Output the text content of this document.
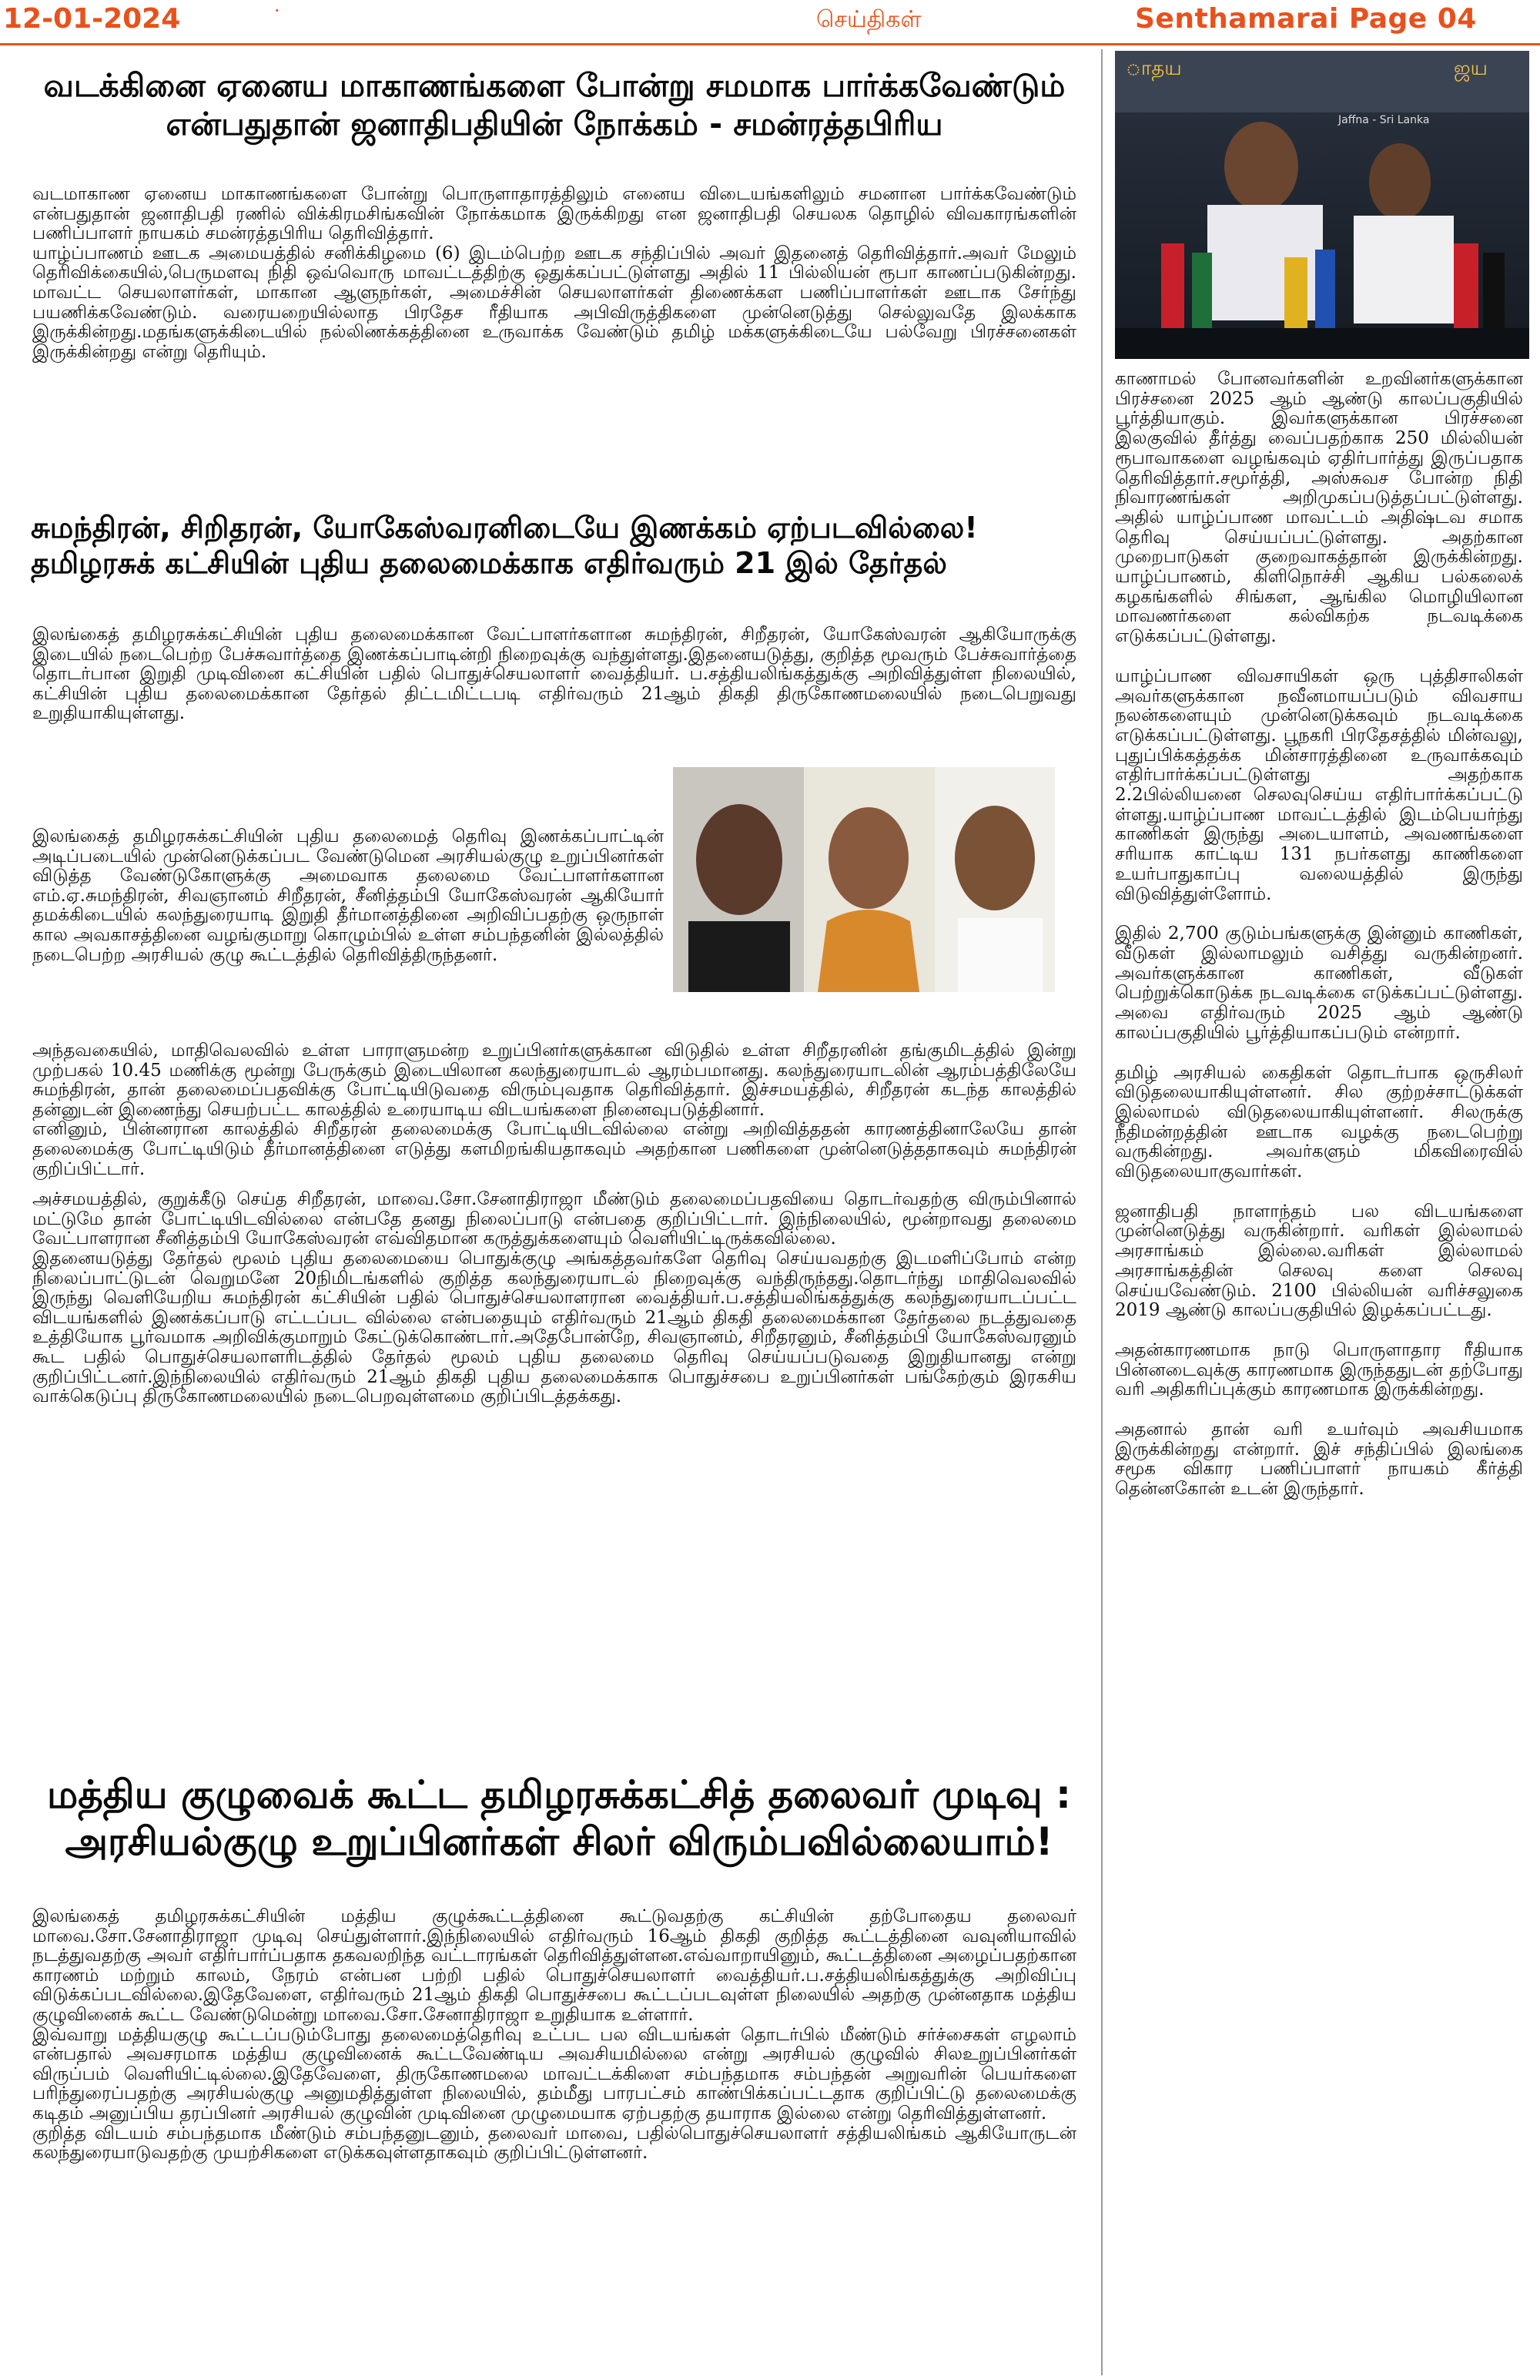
12-01-2024	·	செய்திகள்	Senthamarai Page 04
வடக்கினை ஏனைய மாகாணங்களை போன்று சமமாக பார்க்கவேண்டும்
என்பதுதான் ஜனாதிபதியின் நோக்கம் - சமன்ரத்தபிரிய

வடமாகாண ஏனைய மாகாணங்களை போன்று பொருளாதாரத்திலும் எனைய விடையங்களிலும் சமனான பார்க்கவேண்டும் என்பதுதான் ஜனாதிபதி ரணில் விக்கிரமசிங்கவின் நோக்கமாக இருக்கிறது என ஜனாதிபதி செயலக தொழில் விவகாரங்களின் பணிப்பாளர் நாயகம் சமன்ரத்தபிரிய தெரிவித்தார்.

யாழ்ப்பாணம் ஊடக அமையத்தில் சனிக்கிழமை (6) இடம்பெற்ற ஊடக சந்திப்பில் அவர் இதனைத் தெரிவித்தார்.அவர் மேலும் தெரிவிக்கையில்,பெருமளவு நிதி ஒவ்வொரு மாவட்டத்திற்கு ஒதுக்கப்பட்டுள்ளது அதில் 11 பில்லியன் ரூபா காணப்படுகின்றது. மாவட்ட செயலாளர்கள், மாகான ஆளுநர்கள், அமைச்சின் செயலாளர்கள் திணைக்கள பணிப்பாளர்கள் ஊடாக சேர்ந்து பயணிக்கவேண்டும். வரையறையில்லாத பிரதேச ரீதியாக அபிவிருத்திகளை முன்னெடுத்து செல்லுவதே இலக்காக இருக்கின்றது.மதங்களுக்கிடையில் நல்லிணக்கத்தினை உருவாக்க வேண்டும் தமிழ் மக்களுக்கிடையே பல்வேறு பிரச்சனைகள் இருக்கின்றது என்று தெரியும்.

சுமந்திரன், சிறிதரன், யோகேஸ்வரனிடையே இணக்கம் ஏற்படவில்லை!
தமிழரசுக் கட்சியின் புதிய தலைமைக்காக எதிர்வரும் 21 இல் தேர்தல்

இலங்கைத் தமிழரசுக்கட்சியின் புதிய தலைமைக்கான வேட்பாளர்களான சுமந்திரன், சிறீதரன், யோகேஸ்வரன் ஆகியோருக்கு இடையில் நடைபெற்ற பேச்சுவார்த்தை இணக்கப்பாடின்றி நிறைவுக்கு வந்துள்ளது.இதனையடுத்து, குறித்த மூவரும் பேச்சுவார்த்தை தொடர்பான இறுதி முடிவினை கட்சியின் பதில் பொதுச்செயலாளர் வைத்தியர். ப.சத்தியலிங்கத்துக்கு அறிவித்துள்ள நிலையில், கட்சியின் புதிய தலைமைக்கான தேர்தல் திட்டமிட்டபடி எதிர்வரும் 21ஆம் திகதி திருகோணமலையில் நடைபெறுவது உறுதியாகியுள்ளது.

இலங்கைத் தமிழரசுக்கட்சியின் புதிய தலைமைத் தெரிவு இணக்கப்பாட்டின் அடிப்படையில் முன்னெடுக்கப்பட வேண்டுமென அரசியல்குழு உறுப்பினர்கள் விடுத்த வேண்டுகோளுக்கு அமைவாக தலைமை வேட்பாளர்களான எம்.ஏ.சுமந்திரன், சிவஞானம் சிறீதரன், சீனித்தம்பி யோகேஸ்வரன் ஆகியோர் தமக்கிடையில் கலந்துரையாடி இறுதி தீர்மானத்தினை அறிவிப்பதற்கு ஒருநாள் கால அவகாசத்தினை வழங்குமாறு கொழும்பில் உள்ள சம்பந்தனின் இல்லத்தில் நடைபெற்ற அரசியல் குழு கூட்டத்தில் தெரிவித்திருந்தனர்.

அந்தவகையில், மாதிவெலவில் உள்ள பாராளுமன்ற உறுப்பினர்களுக்கான விடுதில் உள்ள சிறீதரனின் தங்குமிடத்தில் இன்று முற்பகல் 10.45 மணிக்கு மூன்று பேருக்கும் இடையிலான கலந்துரையாடல் ஆரம்பமானது. கலந்துரையாடலின் ஆரம்பத்திலேயே சுமந்திரன், தான் தலைமைப்பதவிக்கு போட்டியிடுவதை விரும்புவதாக தெரிவித்தார். இச்சமயத்தில், சிறீதரன் கடந்த காலத்தில் தன்னுடன் இணைந்து செயற்பட்ட காலத்தில் உரையாடிய விடயங்களை நினைவுபடுத்தினார்.

எனினும், பின்னரான காலத்தில் சிறீதரன் தலைமைக்கு போட்டியிடவில்லை என்று அறிவித்ததன் காரணத்தினாலேயே தான் தலைமைக்கு போட்டியிடும் தீர்மானத்தினை எடுத்து களமிறங்கியதாகவும் அதற்கான பணிகளை முன்னெடுத்ததாகவும் சுமந்திரன் குறிப்பிட்டார்.

அச்சமயத்தில், குறுக்கீடு செய்த சிறீதரன், மாவை.சோ.சேனாதிராஜா மீண்டும் தலைமைப்பதவியை தொடர்வதற்கு விரும்பினால் மட்டுமே தான் போட்டியிடவில்லை என்பதே தனது நிலைப்பாடு என்பதை குறிப்பிட்டார். இந்நிலையில், மூன்றாவது தலைமை வேட்பாளரான சீனித்தம்பி யோகேஸ்வரன் எவ்விதமான கருத்துக்களையும் வெளியிட்டிருக்கவில்லை.

இதனையடுத்து தேர்தல் மூலம் புதிய தலைமையை பொதுக்குழு அங்கத்தவர்களே தெரிவு செய்யவதற்கு இடமளிப்போம் என்ற நிலைப்பாட்டுடன் வெறுமனே 20நிமிடங்களில் குறித்த கலந்துரையாடல் நிறைவுக்கு வந்திருந்தது.தொடர்ந்து மாதிவெலவில் இருந்து வெளியேறிய சுமந்திரன் கட்சியின் பதில் பொதுச்செயலாளரான வைத்தியர்.ப.சத்தியலிங்கத்துக்கு கலந்துரையாடப்பட்ட விடயங்களில் இணக்கப்பாடு எட்டப்பட வில்லை என்பதையும் எதிர்வரும் 21ஆம் திகதி தலைமைக்கான தேர்தலை நடத்துவதை உத்தியோக பூர்வமாக அறிவிக்குமாறும் கேட்டுக்கொண்டார்.அதேபோன்றே, சிவஞானம், சிறீதரனும், சீனித்தம்பி யோகேஸ்வரனும் கூட பதில் பொதுச்செயலாளரிடத்தில் தேர்தல் மூலம் புதிய தலைமை தெரிவு செய்யப்படுவதை இறுதியானது என்று குறிப்பிட்டனர்.இந்நிலையில் எதிர்வரும் 21ஆம் திகதி புதிய தலைமைக்காக பொதுச்சபை உறுப்பினர்கள் பங்கேற்கும் இரகசிய வாக்கெடுப்பு திருகோணமலையில் நடைபெறவுள்ளமை குறிப்பிடத்தக்கது.

மத்திய குழுவைக் கூட்ட தமிழரசுக்கட்சித் தலைவர் முடிவு :
அரசியல்குழு உறுப்பினர்கள் சிலர் விரும்பவில்லையாம்!

இலங்கைத் தமிழரசுக்கட்சியின் மத்திய குழுக்கூட்டத்தினை கூட்டுவதற்கு கட்சியின் தற்போதைய தலைவர் மாவை.சோ.சேனாதிராஜா முடிவு செய்துள்ளார்.இந்நிலையில் எதிர்வரும் 16ஆம் திகதி குறித்த கூட்டத்தினை வவுனியாவில் நடத்துவதற்கு அவர் எதிர்பார்ப்பதாக தகவலறிந்த வட்டாரங்கள் தெரிவித்துள்ளன.எவ்வாறாயினும், கூட்டத்தினை அழைப்பதற்கான காரணம் மற்றும் காலம், நேரம் என்பன பற்றி பதில் பொதுச்செயலாளர் வைத்தியர்.ப.சத்தியலிங்கத்துக்கு அறிவிப்பு விடுக்கப்படவில்லை.இதேவேளை, எதிர்வரும் 21ஆம் திகதி பொதுச்சபை கூட்டப்படவுள்ள நிலையில் அதற்கு முன்னதாக மத்திய குழுவினைக் கூட்ட வேண்டுமென்று மாவை.சோ.சேனாதிராஜா உறுதியாக உள்ளார்.

இவ்வாறு மத்தியகுழு கூட்டப்படும்போது தலைமைத்தெரிவு உட்பட பல விடயங்கள் தொடர்பில் மீண்டும் சர்ச்சைகள் எழலாம் என்பதால் அவசரமாக மத்திய குழுவினைக் கூட்டவேண்டிய அவசியமில்லை என்று அரசியல் குழுவில் சிலஉறுப்பினர்கள் விருப்பம் வெளியிட்டில்லை.இதேவேளை, திருகோணமலை மாவட்டக்கிளை சம்பந்தமாக சம்பந்தன் அறுவரின் பெயர்களை பரிந்துரைப்பதற்கு அரசியல்குழு அனுமதித்துள்ள நிலையில், தம்மீது பாரபட்சம் காண்பிக்கப்பட்டதாக குறிப்பிட்டு தலைமைக்கு கடிதம் அனுப்பிய தரப்பினர் அரசியல் குழுவின் முடிவினை முழுமையாக ஏற்பதற்கு தயாராக இல்லை என்று தெரிவித்துள்ளனர்.

குறித்த விடயம் சம்பந்தமாக மீண்டும் சம்பந்தனுடனும், தலைவர் மாவை, பதில்பொதுச்செயலாளர் சத்தியலிங்கம் ஆகியோருடன் கலந்துரையாடுவதற்கு முயற்சிகளை எடுக்கவுள்ளதாகவும் குறிப்பிட்டுள்ளனர்.

ாதய	ஜய
Jaffna - Sri Lanka

காணாமல் போனவர்களின் உறவினர்களுக்கான பிரச்சனை 2025 ஆம் ஆண்டு காலப்பகுதியில் பூர்த்தியாகும். இவர்களுக்கான பிரச்சனை இலகுவில் தீர்த்து வைப்பதற்காக 250 மில்லியன் ரூபாவாகளை வழங்கவும் ஏதிர்பார்த்து இருப்பதாக தெரிவித்தார்.சமூர்த்தி, அஸ்சுவச போன்ற நிதி நிவாரணங்கள் அறிமுகப்படுத்தப்பட்டுள்ளது. அதில் யாழ்ப்பாண மாவட்டம் அதிஷ்டவ சமாக தெரிவு செய்யப்பட்டுள்ளது. அதற்கான முறைபாடுகள் குறைவாகத்தான் இருக்கின்றது. யாழ்ப்பாணம், கிளிநொச்சி ஆகிய பல்கலைக் கழகங்களில் சிங்கள, ஆங்கில மொழியிலான மாவணர்களை கல்விகற்க நடவடிக்கை எடுக்கப்பட்டுள்ளது.

யாழ்ப்பாண விவசாயிகள் ஒரு புத்திசாலிகள் அவர்களுக்கான நவீனமாயப்படும் விவசாய நலன்களையும் முன்னெடுக்கவும் நடவடிக்கை எடுக்கப்பட்டுள்ளது. பூநகரி பிரதேசத்தில் மின்வலு, புதுப்பிக்கத்தக்க மின்சாரத்தினை உருவாக்கவும் எதிர்பார்க்கப்பட்டுள்ளது அதற்காக 2.2பில்லியனை செலவுசெய்ய எதிர்பார்க்கப்பட்டு ள்ளது.யாழ்ப்பாண மாவட்டத்தில் இடம்பெயர்ந்து காணிகள் இருந்து அடையாளம், அவணங்களை சரியாக காட்டிய 131 நபர்களது காணிகளை உயர்பாதுகாப்பு வலையத்தில் இருந்து விடுவித்துள்ளோம்.

இதில் 2,700 குடும்பங்களுக்கு இன்னும் காணிகள், வீடுகள் இல்லாமலும் வசித்து வருகின்றனர். அவர்களுக்கான காணிகள், வீடுகள் பெற்றுக்கொடுக்க நடவடிக்கை எடுக்கப்பட்டுள்ளது. அவை எதிர்வரும் 2025 ஆம் ஆண்டு காலப்பகுதியில் பூர்த்தியாகப்படும் என்றார்.

தமிழ் அரசியல் கைதிகள் தொடர்பாக ஒருசிலர் விடுதலையாகியுள்ளனர். சில குற்றச்சாட்டுக்கள் இல்லாமல் விடுதலையாகியுள்ளனர். சிலருக்கு நீதிமன்றத்தின் ஊடாக வழக்கு நடைபெற்று வருகின்றது. அவர்களும் மிகவிரைவில் விடுதலையாகுவார்கள்.

ஜனாதிபதி நாளாந்தம் பல விடயங்களை முன்னெடுத்து வருகின்றார். வரிகள் இல்லாமல் அரசாங்கம் இல்லை.வரிகள் இல்லாமல் அரசாங்கத்தின் செலவு களை செலவு செய்யவேண்டும். 2100 பில்லியன் வரிச்சலுகை 2019 ஆண்டு காலப்பகுதியில் இழக்கப்பட்டது.

அதன்காரணமாக நாடு பொருளாதார ரீதியாக பின்னடைவுக்கு காரணமாக இருந்ததுடன் தற்போது வரி அதிகரிப்புக்கும் காரணமாக இருக்கின்றது.

அதனால் தான் வரி உயர்வும் அவசியமாக இருக்கின்றது என்றார். இச் சந்திப்பில் இலங்கை சமூக விகார பணிப்பாளர் நாயகம் கீர்த்தி தென்னகோன் உடன் இருந்தார்.
